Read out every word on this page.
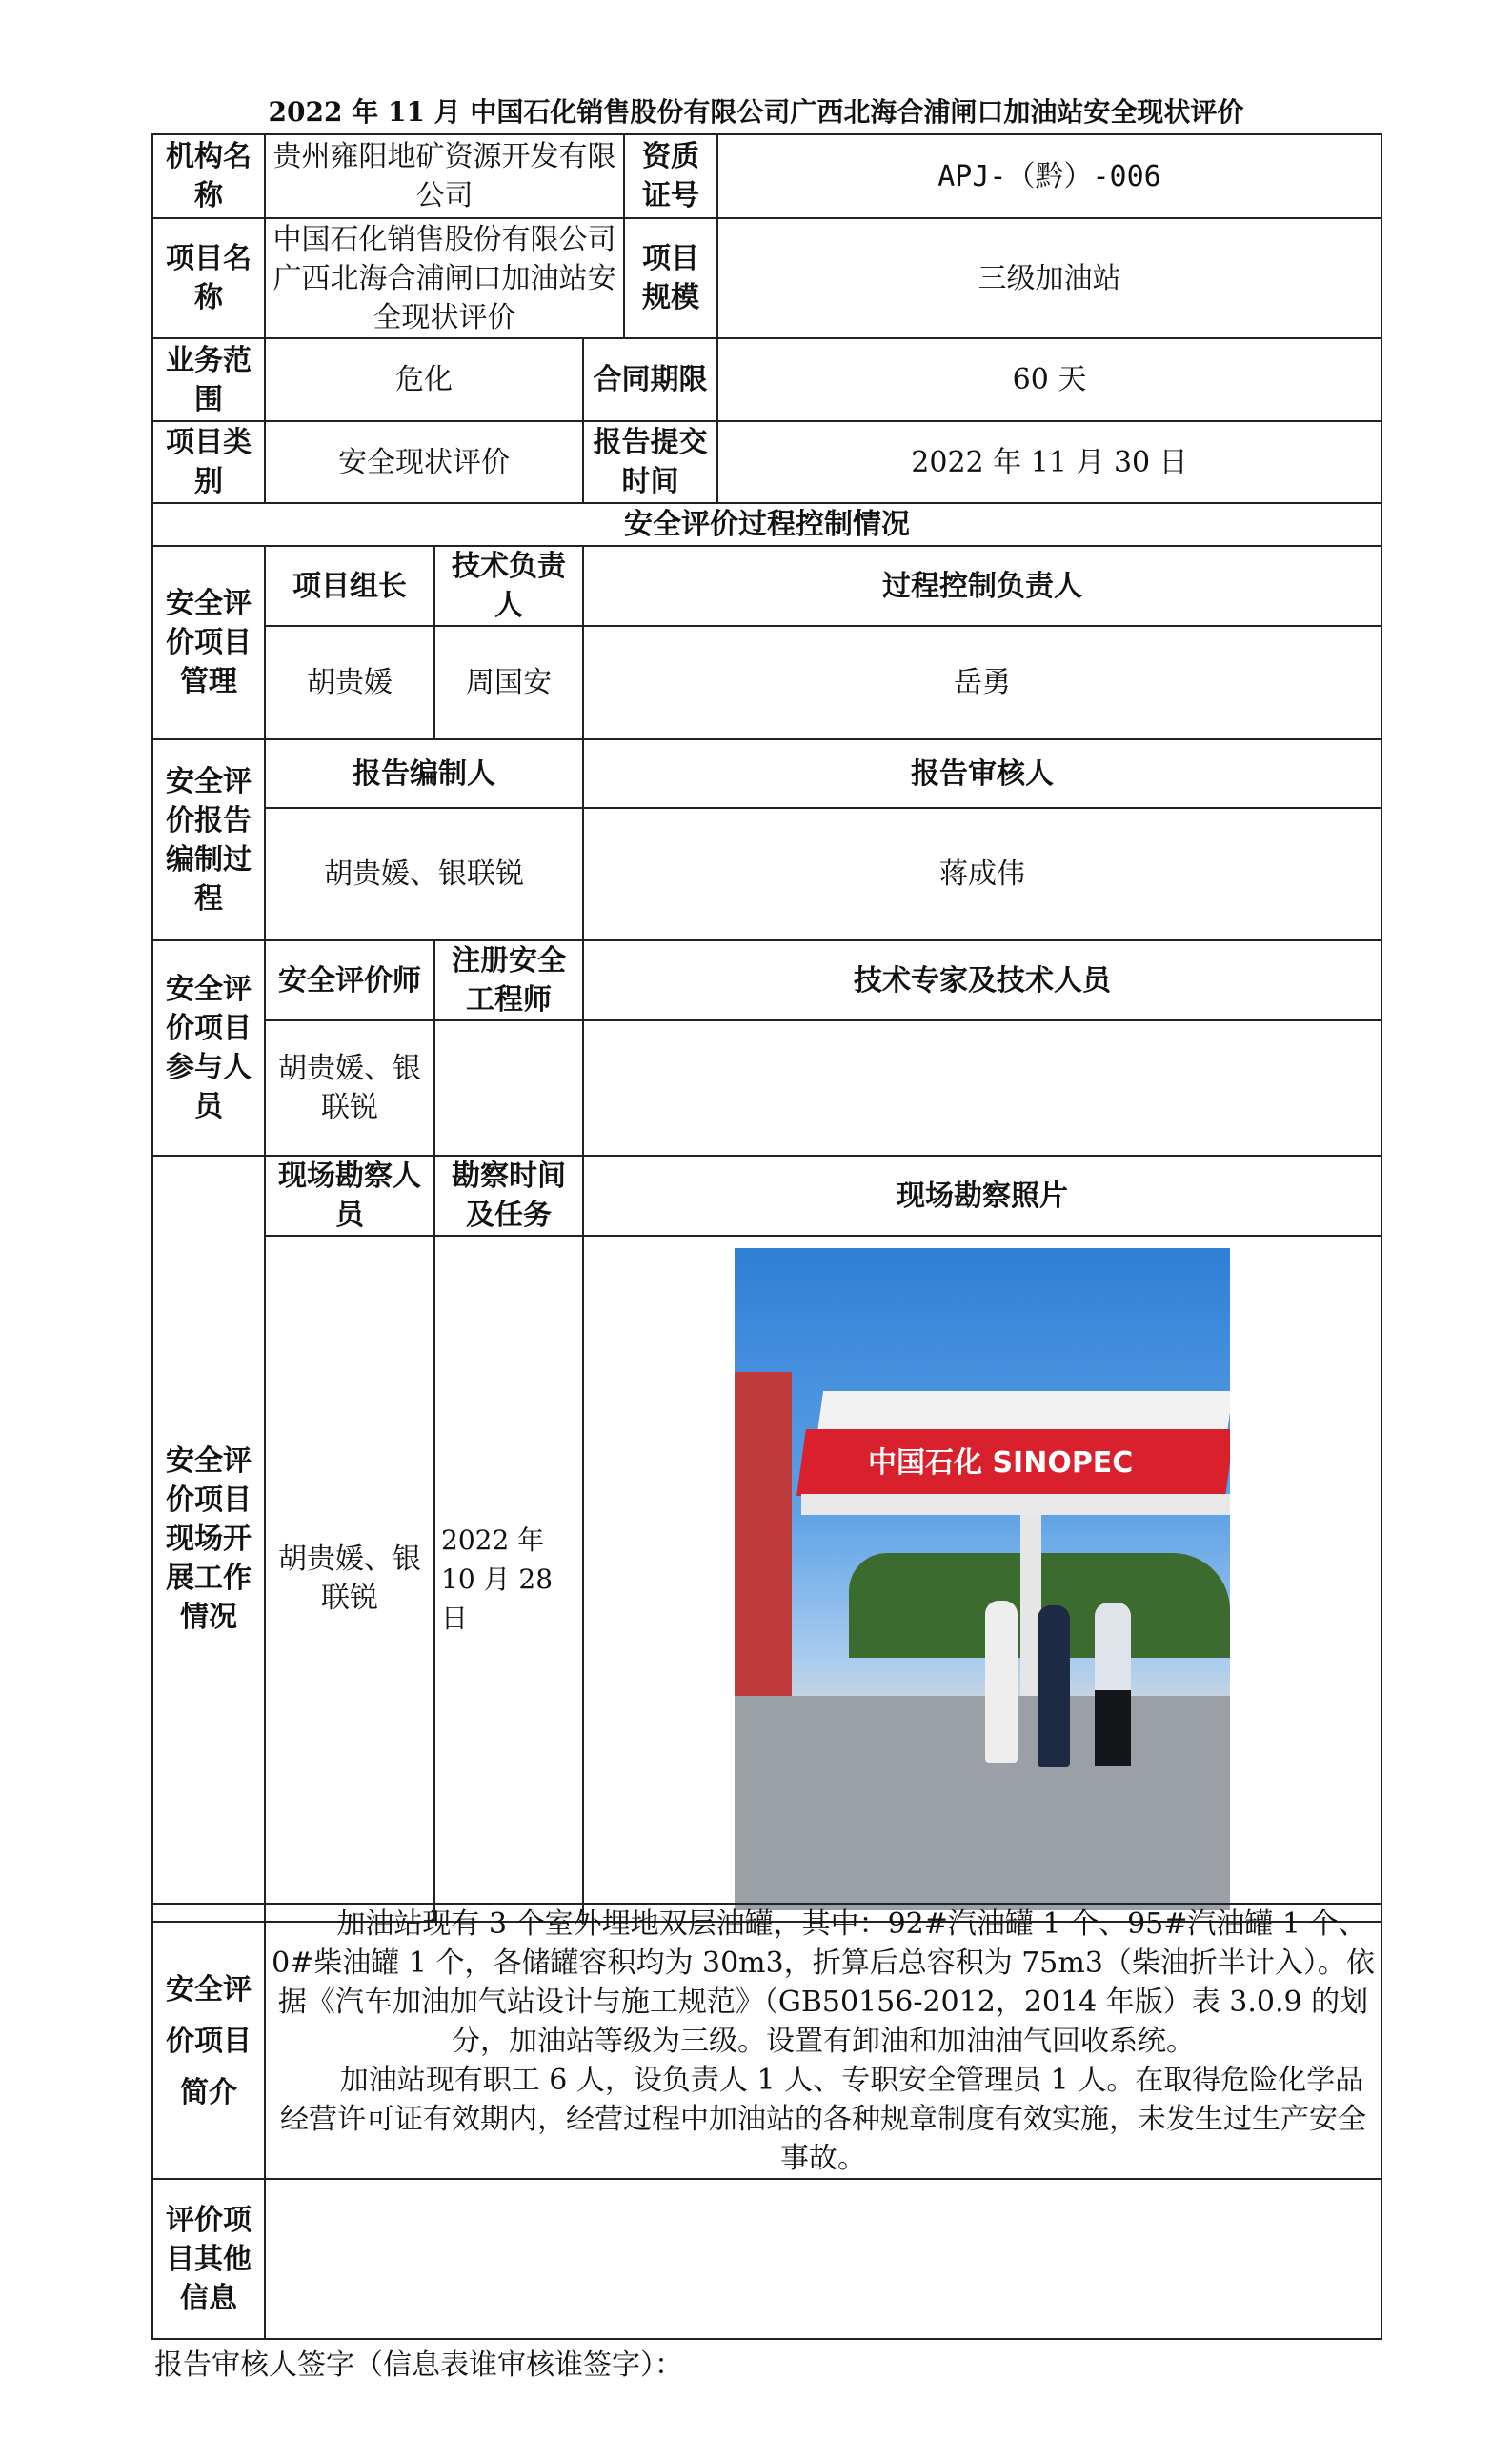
2022 年 11 月 中国石化销售股份有限公司广西北海合浦闸口加油站安全现状评价
机构名称	贵州雍阳地矿资源开发有限公司			资质证号	APJ-（黔）-006
项目名称	中国石化销售股份有限公司广西北海合浦闸口加油站安全现状评价			项目规模	三级加油站
业务范围	危化		合同期限		60 天
项目类别	安全现状评价		报告提交时间		2022 年 11 月 30 日
安全评价过程控制情况					
安全评价项目管理	项目组长	技术负责人	过程控制负责人		
	胡贵媛	周国安	岳勇		
安全评价报告编制过程	报告编制人		报告审核人		
	胡贵媛、银联锐		蒋成伟		
安全评价项目参与人员	安全评价师	注册安全工程师	技术专家及技术人员		
	胡贵媛、银联锐				
安全评价项目现场开展工作情况	现场勘察人员	勘察时间及任务	现场勘察照片		
	胡贵媛、银联锐	2022 年 10 月 28 日	中国石化 SINOPEC		
安全评价项目简介	加油站现有 3 个室外埋地双层油罐，其中：92#汽油罐 1 个、95#汽油罐 1 个、0#柴油罐 1 个，各储罐容积均为 30m3，折算后总容积为 75m3（柴油折半计入）。依据《汽车加油加气站设计与施工规范》（GB50156-2012，2014 年版）表 3.0.9 的划分，加油站等级为三级。设置有卸油和加油油气回收系统。

加油站现有职工 6 人，设负责人 1 人、专职安全管理员 1 人。在取得危险化学品经营许可证有效期内，经营过程中加油站的各种规章制度有效实施，未发生过生产安全事故。

评价项目其他信息	
报告审核人签字（信息表谁审核谁签字）：
